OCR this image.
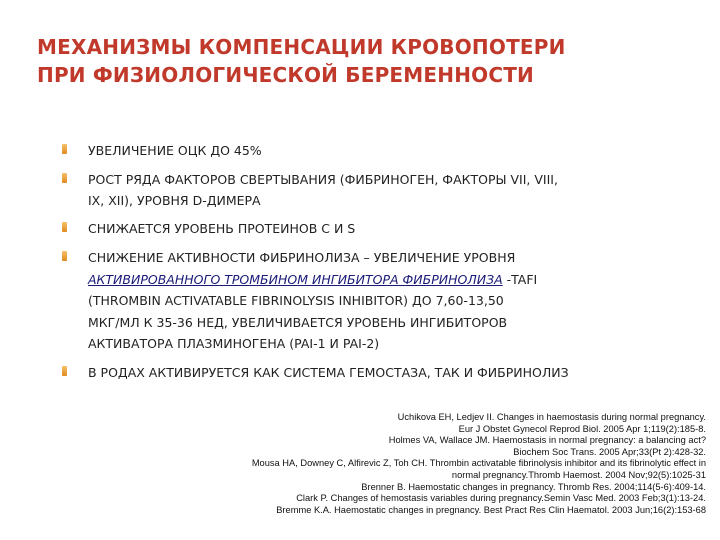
МЕХАНИЗМЫ КОМПЕНСАЦИИ КРОВОПОТЕРИ
ПРИ ФИЗИОЛОГИЧЕСКОЙ БЕРЕМЕННОСТИ
УВЕЛИЧЕНИЕ ОЦК ДО 45%
РОСТ РЯДА ФАКТОРОВ СВЕРТЫВАНИЯ (ФИБРИНОГЕН, ФАКТОРЫ VII, VIII,
IX, XII), УРОВНЯ D-ДИМЕРА
СНИЖАЕТСЯ УРОВЕНЬ ПРОТЕИНОВ С И S
СНИЖЕНИЕ АКТИВНОСТИ ФИБРИНОЛИЗА – УВЕЛИЧЕНИЕ УРОВНЯ
АКТИВИРОВАННОГО ТРОМБИНОМ ИНГИБИТОРА ФИБРИНОЛИЗА -TAFI
(THROMBIN ACTIVATABLE FIBRINOLYSIS INHIBITOR) ДО 7,60-13,50
МКГ/МЛ К 35-36 НЕД, УВЕЛИЧИВАЕТСЯ УРОВЕНЬ ИНГИБИТОРОВ
АКТИВАТОРА ПЛАЗМИНОГЕНА (PAI-1 И PAI-2)
В РОДАХ АКТИВИРУЕТСЯ КАК СИСТЕМА ГЕМОСТАЗА, ТАК И ФИБРИНОЛИЗ
Uchikova EH, Ledjev II. Changes in haemostasis during normal pregnancy.
Eur J Obstet Gynecol Reprod Biol. 2005 Apr 1;119(2):185-8.
Holmes VA, Wallace JM. Haemostasis in normal pregnancy: a balancing act?
Biochem Soc Trans. 2005 Apr;33(Pt 2):428-32.
Mousa HA, Downey C, Alfirevic Z, Toh CH. Thrombin activatable fibrinolysis inhibitor and its fibrinolytic effect in
normal pregnancy.Thromb Haemost. 2004 Nov;92(5):1025-31
Brenner B. Haemostatic changes in pregnancy. Thromb Res. 2004;114(5-6):409-14.
Clark P. Changes of hemostasis variables during pregnancy.Semin Vasc Med. 2003 Feb;3(1):13-24.
Bremme K.A. Haemostatic changes in pregnancy. Best Pract Res Clin Haematol. 2003 Jun;16(2):153-68
